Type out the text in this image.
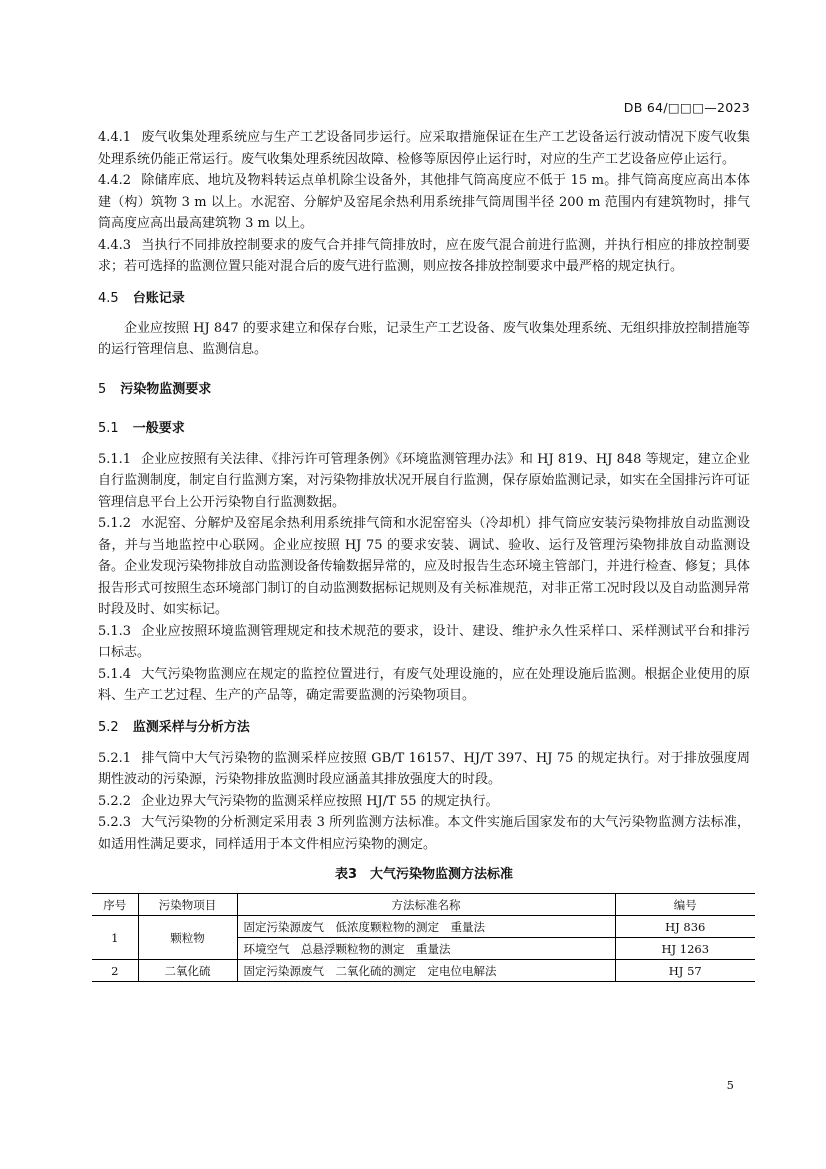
DB 64/□□□—2023

4.4.1 废气收集处理系统应与生产工艺设备同步运行。应采取措施保证在生产工艺设备运行波动情况下废气收集处理系统仍能正常运行。废气收集处理系统因故障、检修等原因停止运行时，对应的生产工艺设备应停止运行。

4.4.2 除储库底、地坑及物料转运点单机除尘设备外，其他排气筒高度应不低于 15 m。排气筒高度应高出本体建（构）筑物 3 m 以上。水泥窑、分解炉及窑尾余热利用系统排气筒周围半径 200 m 范围内有建筑物时，排气筒高度应高出最高建筑物 3 m 以上。

4.4.3 当执行不同排放控制要求的废气合并排气筒排放时，应在废气混合前进行监测，并执行相应的排放控制要求；若可选择的监测位置只能对混合后的废气进行监测，则应按各排放控制要求中最严格的规定执行。

4.5 台账记录

企业应按照 HJ 847 的要求建立和保存台账，记录生产工艺设备、废气收集处理系统、无组织排放控制措施等的运行管理信息、监测信息。

5 污染物监测要求

5.1 一般要求

5.1.1 企业应按照有关法律、《排污许可管理条例》《环境监测管理办法》和 HJ 819、HJ 848 等规定，建立企业自行监测制度，制定自行监测方案，对污染物排放状况开展自行监测，保存原始监测记录，如实在全国排污许可证管理信息平台上公开污染物自行监测数据。

5.1.2 水泥窑、分解炉及窑尾余热利用系统排气筒和水泥窑窑头（冷却机）排气筒应安装污染物排放自动监测设备，并与当地监控中心联网。企业应按照 HJ 75 的要求安装、调试、验收、运行及管理污染物排放自动监测设备。企业发现污染物排放自动监测设备传输数据异常的，应及时报告生态环境主管部门，并进行检查、修复；具体报告形式可按照生态环境部门制订的自动监测数据标记规则及有关标准规范，对非正常工况时段以及自动监测异常时段及时、如实标记。

5.1.3 企业应按照环境监测管理规定和技术规范的要求，设计、建设、维护永久性采样口、采样测试平台和排污口标志。

5.1.4 大气污染物监测应在规定的监控位置进行，有废气处理设施的，应在处理设施后监测。根据企业使用的原料、生产工艺过程、生产的产品等，确定需要监测的污染物项目。

5.2 监测采样与分析方法

5.2.1 排气筒中大气污染物的监测采样应按照 GB/T 16157、HJ/T 397、HJ 75 的规定执行。对于排放强度周期性波动的污染源，污染物排放监测时段应涵盖其排放强度大的时段。

5.2.2 企业边界大气污染物的监测采样应按照 HJ/T 55 的规定执行。

5.2.3 大气污染物的分析测定采用表 3 所列监测方法标准。本文件实施后国家发布的大气污染物监测方法标准，如适用性满足要求，同样适用于本文件相应污染物的测定。

表3　大气污染物监测方法标准
序号	污染物项目	方法标准名称	编号
1	颗粒物	固定污染源废气　低浓度颗粒物的测定　重量法	HJ 836
		环境空气　总悬浮颗粒物的测定　重量法	HJ 1263
2	二氧化硫	固定污染源废气　二氧化硫的测定　定电位电解法	HJ 57
5
